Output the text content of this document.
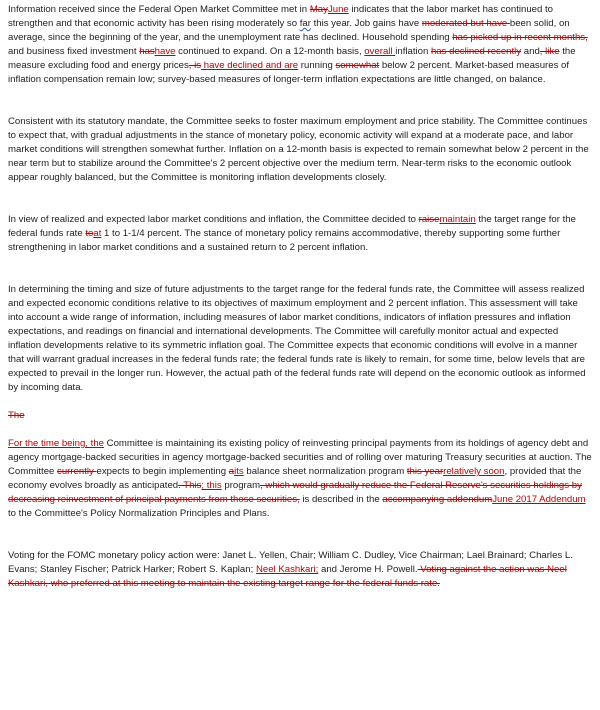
Information received since the Federal Open Market Committee met in MayJune indicates that the labor market has continued to strengthen and that economic activity has been rising moderately so far this year. Job gains have moderated but have been solid, on average, since the beginning of the year, and the unemployment rate has declined. Household spending has picked up in recent months, and business fixed investment hashave continued to expand. On a 12-month basis, overall inflation has declined recently and, like the measure excluding food and energy prices, is have declined and are running somewhat below 2 percent. Market-based measures of inflation compensation remain low; survey-based measures of longer-term inflation expectations are little changed, on balance.

Consistent with its statutory mandate, the Committee seeks to foster maximum employment and price stability. The Committee continues to expect that, with gradual adjustments in the stance of monetary policy, economic activity will expand at a moderate pace, and labor market conditions will strengthen somewhat further. Inflation on a 12-month basis is expected to remain somewhat below 2 percent in the near term but to stabilize around the Committee's 2 percent objective over the medium term. Near-term risks to the economic outlook appear roughly balanced, but the Committee is monitoring inflation developments closely.

In view of realized and expected labor market conditions and inflation, the Committee decided to raisemaintain the target range for the federal funds rate toat 1 to 1-1/4 percent. The stance of monetary policy remains accommodative, thereby supporting some further strengthening in labor market conditions and a sustained return to 2 percent inflation.

In determining the timing and size of future adjustments to the target range for the federal funds rate, the Committee will assess realized and expected economic conditions relative to its objectives of maximum employment and 2 percent inflation. This assessment will take into account a wide range of information, including measures of labor market conditions, indicators of inflation pressures and inflation expectations, and readings on financial and international developments. The Committee will carefully monitor actual and expected inflation developments relative to its symmetric inflation goal. The Committee expects that economic conditions will evolve in a manner that will warrant gradual increases in the federal funds rate; the federal funds rate is likely to remain, for some time, below levels that are expected to prevail in the longer run. However, the actual path of the federal funds rate will depend on the economic outlook as informed by incoming data.

The

For the time being, the Committee is maintaining its existing policy of reinvesting principal payments from its holdings of agency debt and agency mortgage-backed securities in agency mortgage-backed securities and of rolling over maturing Treasury securities at auction. The Committee currently expects to begin implementing aits balance sheet normalization program this yearrelatively soon, provided that the economy evolves broadly as anticipated. This; this program, which would gradually reduce the Federal Reserve's securities holdings by decreasing reinvestment of principal payments from those securities, is described in the accompanying addendumJune 2017 Addendum to the Committee's Policy Normalization Principles and Plans.

Voting for the FOMC monetary policy action were: Janet L. Yellen, Chair; William C. Dudley, Vice Chairman; Lael Brainard; Charles L. Evans; Stanley Fischer; Patrick Harker; Robert S. Kaplan; Neel Kashkari; and Jerome H. Powell. Voting against the action was Neel Kashkari, who preferred at this meeting to maintain the existing target range for the federal funds rate.
